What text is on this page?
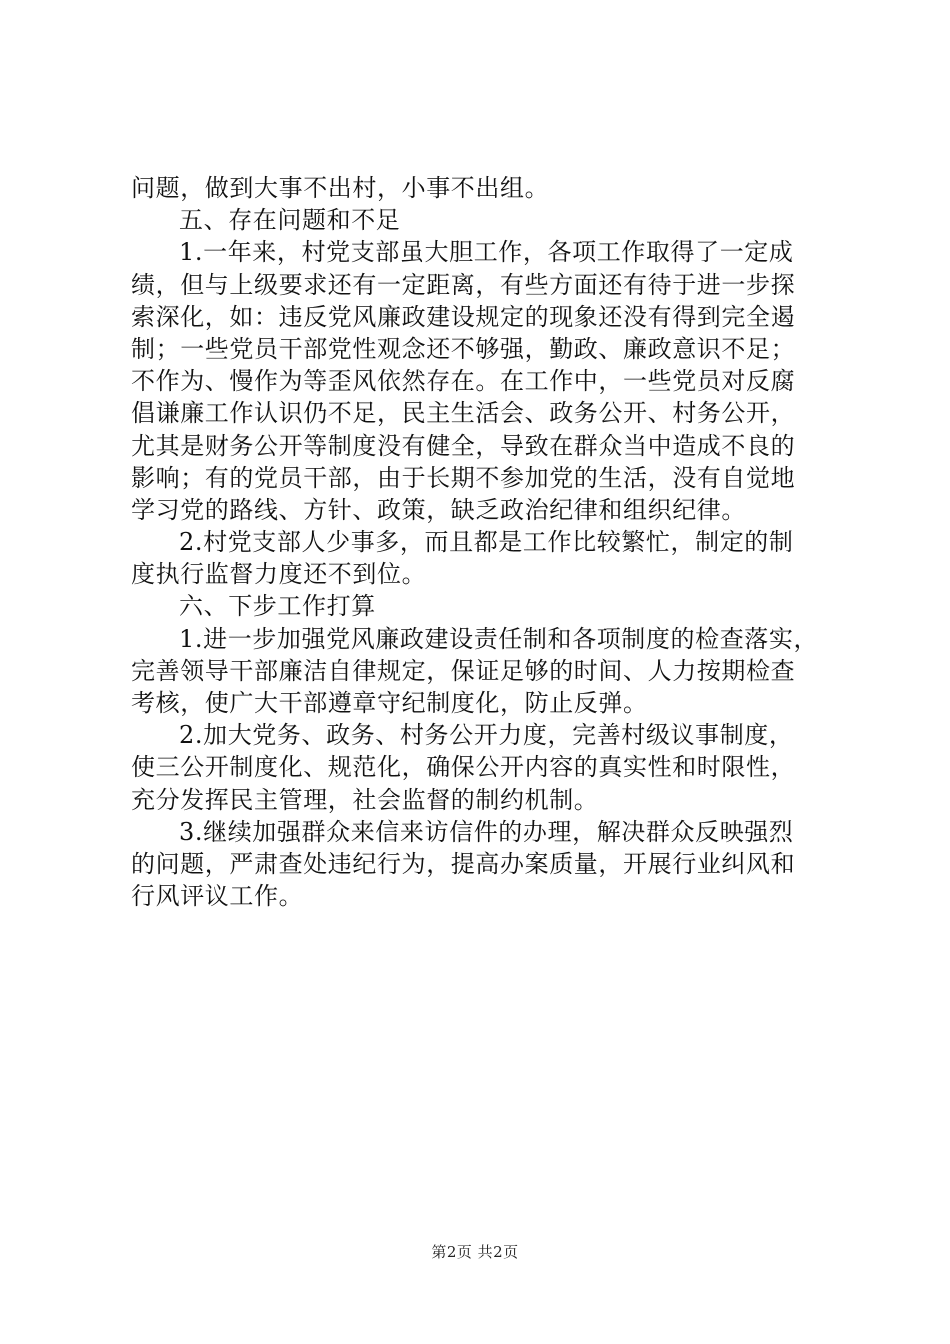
问题，做到大事不出村，小事不出组。
五、存在问题和不足
1.一年来，村党支部虽大胆工作，各项工作取得了一定成
绩，但与上级要求还有一定距离，有些方面还有待于进一步探
索深化，如：违反党风廉政建设规定的现象还没有得到完全遏
制；一些党员干部党性观念还不够强，勤政、廉政意识不足；
不作为、慢作为等歪风依然存在。在工作中，一些党员对反腐
倡谦廉工作认识仍不足，民主生活会、政务公开、村务公开，
尤其是财务公开等制度没有健全，导致在群众当中造成不良的
影响；有的党员干部，由于长期不参加党的生活，没有自觉地
学习党的路线、方针、政策，缺乏政治纪律和组织纪律。
2.村党支部人少事多，而且都是工作比较繁忙，制定的制
度执行监督力度还不到位。
六、下步工作打算
1.进一步加强党风廉政建设责任制和各项制度的检查落实，
完善领导干部廉洁自律规定，保证足够的时间、人力按期检查
考核，使广大干部遵章守纪制度化，防止反弹。
2.加大党务、政务、村务公开力度，完善村级议事制度，
使三公开制度化、规范化，确保公开内容的真实性和时限性，
充分发挥民主管理，社会监督的制约机制。
3.继续加强群众来信来访信件的办理，解决群众反映强烈
的问题，严肃查处违纪行为，提高办案质量，开展行业纠风和
行风评议工作。
第2页 共2页
